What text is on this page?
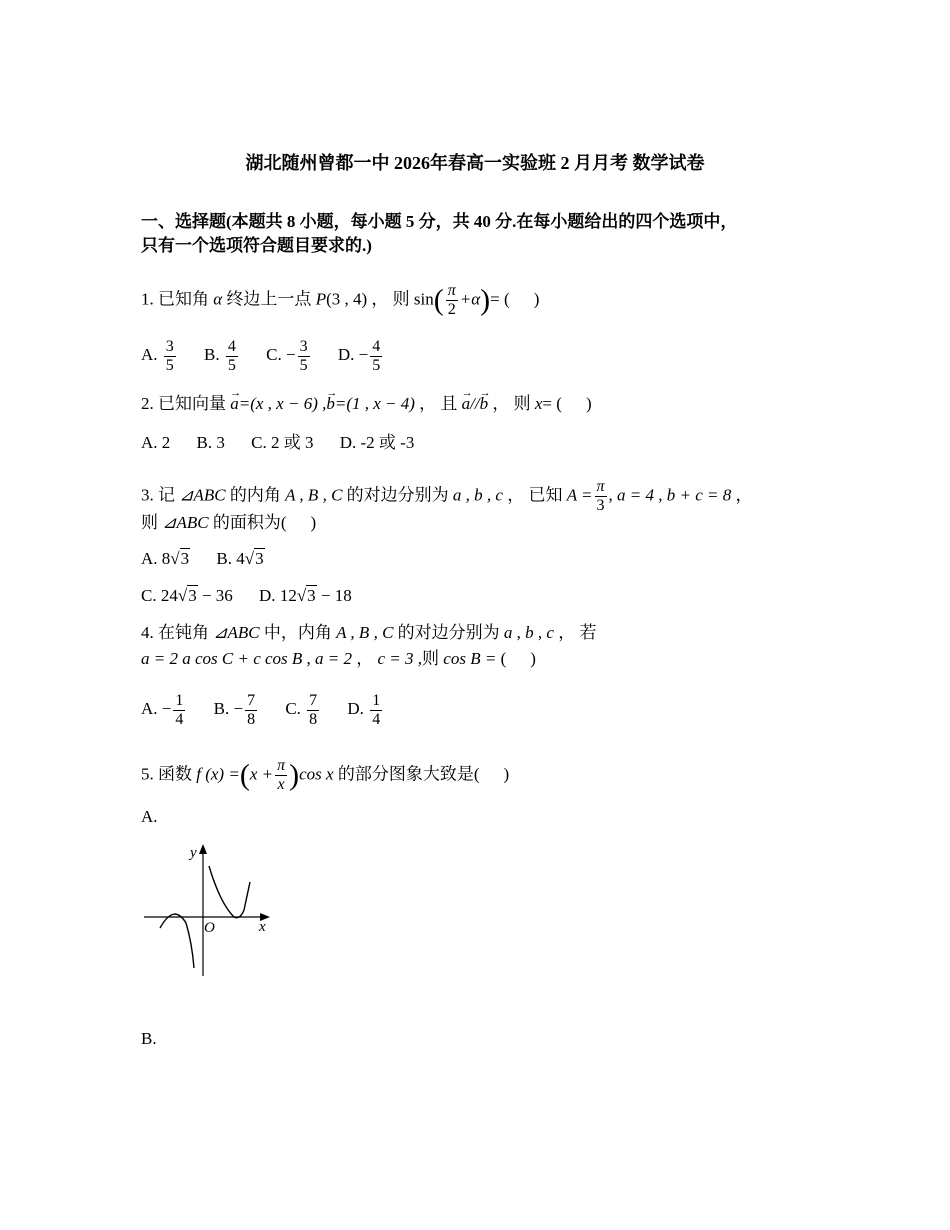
湖北随州曾都一中 2026年春高一实验班 2 月月考 数学试卷
一、选择题(本题共 8 小题，每小题 5 分，共 40 分.在每小题给出的四个选项中，
只有一个选项符合题目要求的.)
1. 已知角 α 终边上一点 P(3 , 4) ， 则 $\sin( \frac{\pi}{2} +\alpha)=$ ( )
A. $\frac{3}{5} B$. $\frac{4}{5} C$. − $\frac{3}{5} D$. − $\frac{4}{5}$
2. 已知向量 → a=(x , x − 6) ,→ b=(1 , x − 4) ， 且 → a//→ b ， 则 x= ( )
A. 2 B. 3 C. 2 或 3 D. -2 或 -3
3. 记 ⊿ABC 的内角 A , B , C 的对边分别为 a , b , c ， 已知 $A = \frac{\pi}{3}$ , a = 4 , b + c = 8 ，
则 ⊿ABC 的面积为( )
A. 8√3 B. 4√3
C. 24√3 − 36 D. 12√3 − 18
4. 在钝角 ⊿ABC 中，内角 A , B , C 的对边分别为 a , b , c ， 若
a = 2 a cos C + c cos B , a = 2 ， c = 3 ,则 cos B = ( )
A. − $\frac{1}{4} B$. − $\frac{7}{8} C$. $\frac{7}{8} D$. $\frac{1}{4}$
5. 函数 f $(x) =(x + \frac{\pi}{x} )\cos$ x 的部分图象大致是( )
A.
y
x
O
B.
